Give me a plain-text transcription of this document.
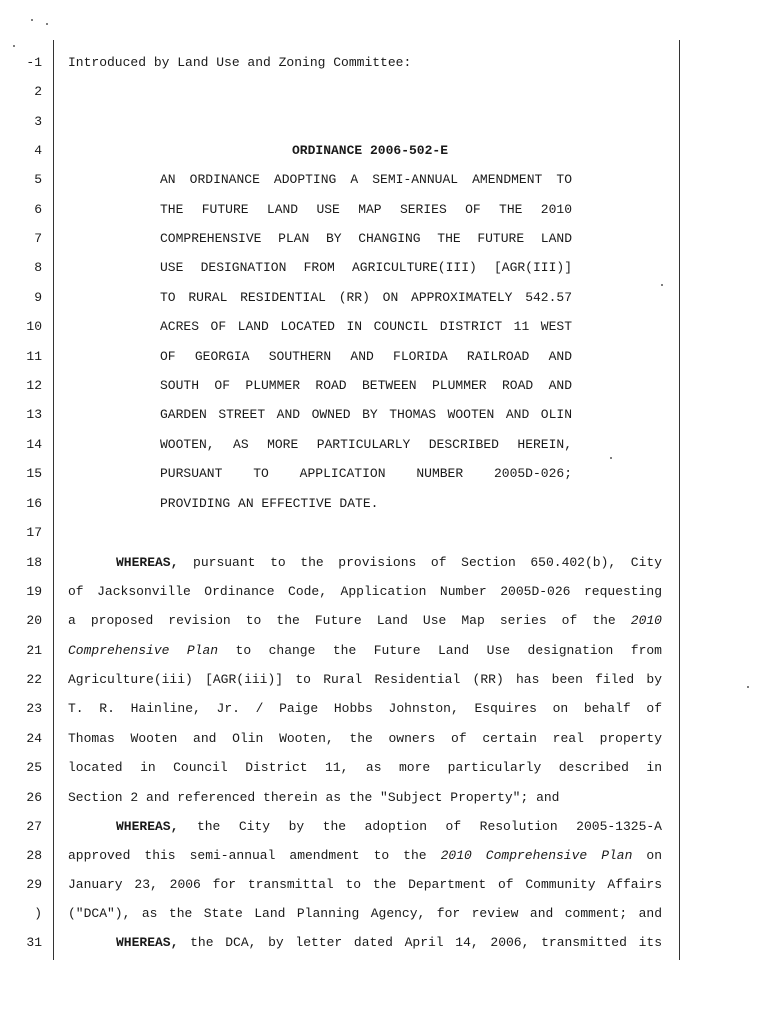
-1
2
3
4
5
6
7
8
9
10
11
12
13
14
15
16
17
18
19
20
21
22
23
24
25
26
27
28
29
)
31
Introduced by Land Use and Zoning Committee:
ORDINANCE 2006-502-E
AN ORDINANCE ADOPTING A SEMI-ANNUAL AMENDMENT TO
THE FUTURE LAND USE MAP SERIES OF THE 2010
COMPREHENSIVE PLAN BY CHANGING THE FUTURE LAND
USE DESIGNATION FROM AGRICULTURE(III) [AGR(III)]
TO RURAL RESIDENTIAL (RR) ON APPROXIMATELY 542.57
ACRES OF LAND LOCATED IN COUNCIL DISTRICT 11 WEST
OF GEORGIA SOUTHERN AND FLORIDA RAILROAD AND
SOUTH OF PLUMMER ROAD BETWEEN PLUMMER ROAD AND
GARDEN STREET AND OWNED BY THOMAS WOOTEN AND OLIN
WOOTEN, AS MORE PARTICULARLY DESCRIBED HEREIN,
PURSUANT TO APPLICATION NUMBER 2005D-026;
PROVIDING AN EFFECTIVE DATE.
WHEREAS, pursuant to the provisions of Section 650.402(b), City
of Jacksonville Ordinance Code, Application Number 2005D-026 requesting
a proposed revision to the Future Land Use Map series of the 2010
Comprehensive Plan to change the Future Land Use designation from
Agriculture(iii) [AGR(iii)] to Rural Residential (RR) has been filed by
T. R. Hainline, Jr. / Paige Hobbs Johnston, Esquires on behalf of
Thomas Wooten and Olin Wooten, the owners of certain real property
located in Council District 11, as more particularly described in
Section 2 and referenced therein as the "Subject Property"; and
WHEREAS, the City by the adoption of Resolution 2005-1325-A
approved this semi-annual amendment to the 2010 Comprehensive Plan on
January 23, 2006 for transmittal to the Department of Community Affairs
("DCA"), as the State Land Planning Agency, for review and comment; and
WHEREAS, the DCA, by letter dated April 14, 2006, transmitted its
